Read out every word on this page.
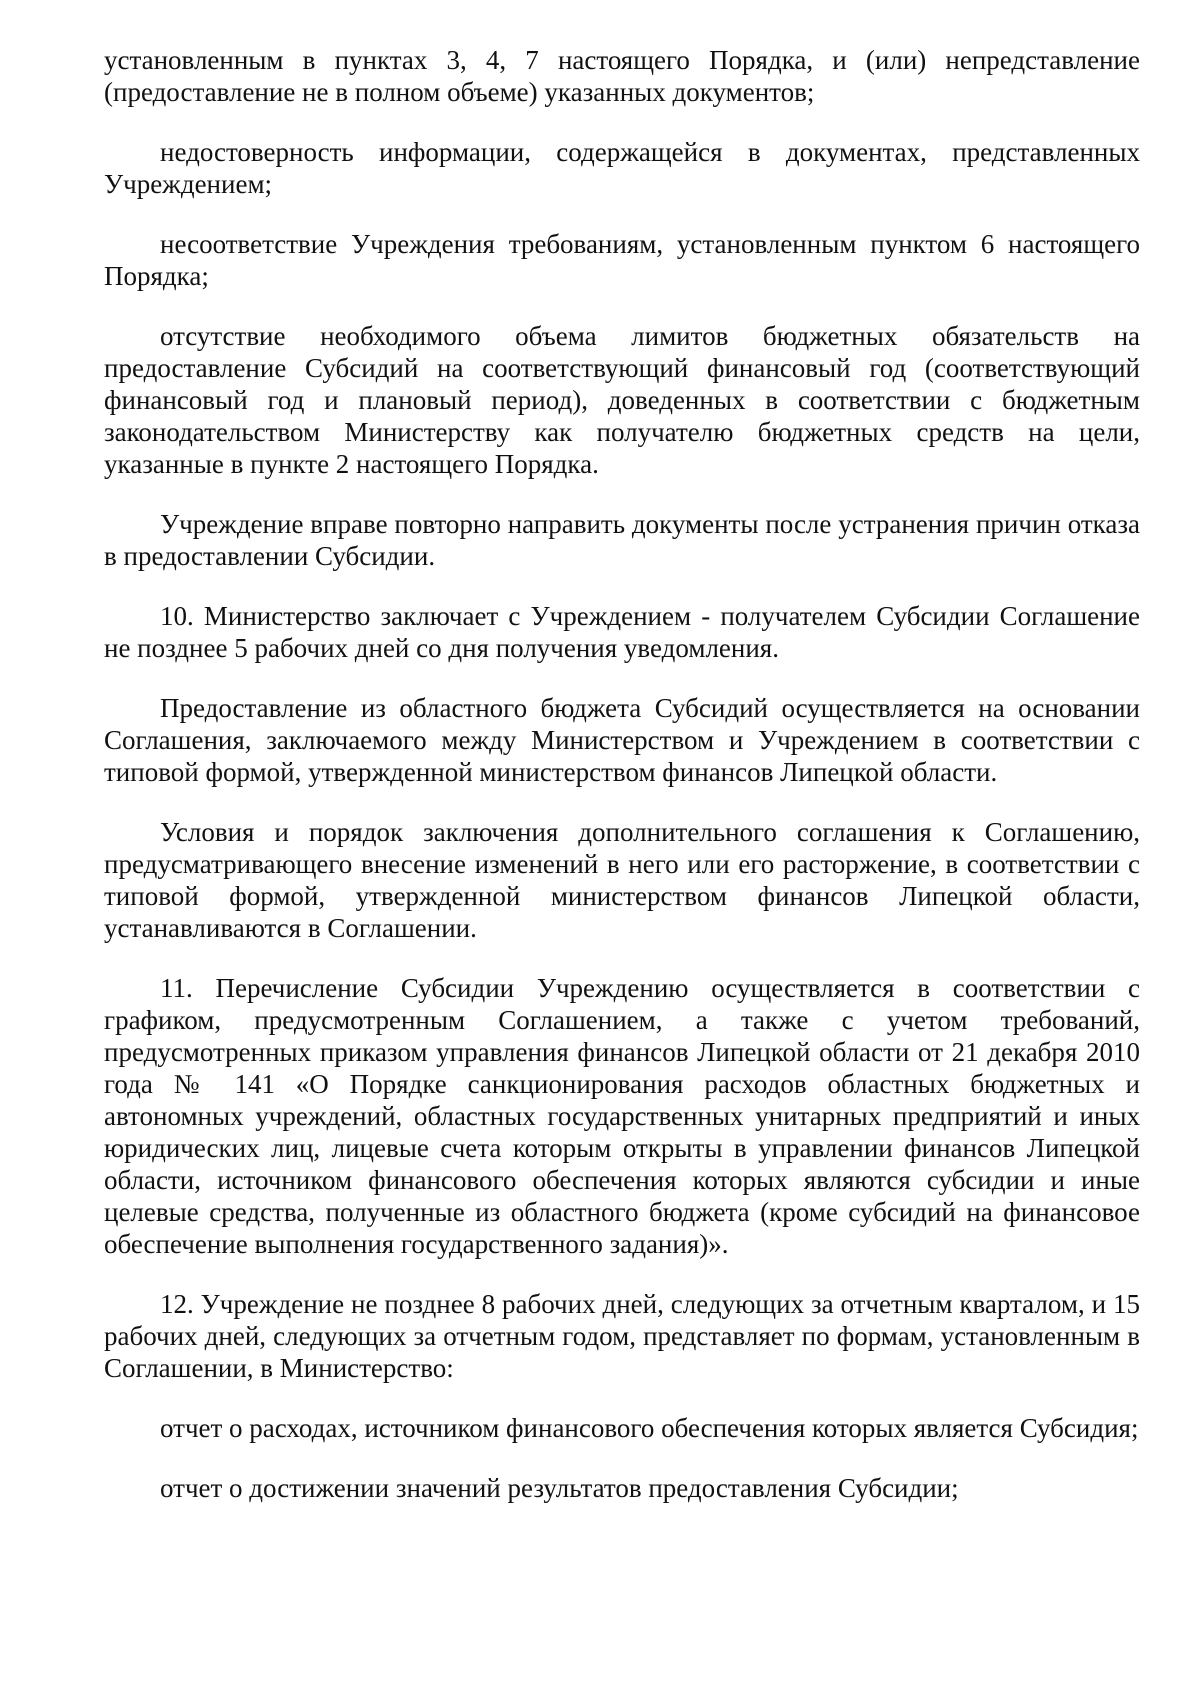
установленным в пунктах 3, 4, 7 настоящего Порядка, и (или) непредставление (предоставление не в полном объеме) указанных документов;

недостоверность информации, содержащейся в документах, представленных Учреждением;

несоответствие Учреждения требованиям, установленным пунктом 6 настоящего Порядка;

отсутствие необходимого объема лимитов бюджетных обязательств на предоставление Субсидий на соответствующий финансовый год (соответствующий финансовый год и плановый период), доведенных в соответствии с бюджетным законодательством Министерству как получателю бюджетных средств на цели, указанные в пункте 2 настоящего Порядка.

Учреждение вправе повторно направить документы после устранения причин отказа в предоставлении Субсидии.

10. Министерство заключает с Учреждением - получателем Субсидии Соглашение не позднее 5 рабочих дней со дня получения уведомления.

Предоставление из областного бюджета Субсидий осуществляется на основании Соглашения, заключаемого между Министерством и Учреждением в соответствии с типовой формой, утвержденной министерством финансов Липецкой области.

Условия и порядок заключения дополнительного соглашения к Соглашению, предусматривающего внесение изменений в него или его расторжение, в соответствии с типовой формой, утвержденной министерством финансов Липецкой области, устанавливаются в Соглашении.

11. Перечисление Субсидии Учреждению осуществляется в соответствии с графиком, предусмотренным Соглашением, а также с учетом требований, предусмотренных приказом управления финансов Липецкой области от 21 декабря 2010 года № 141 «О Порядке санкционирования расходов областных бюджетных и автономных учреждений, областных государственных унитарных предприятий и иных юридических лиц, лицевые счета которым открыты в управлении финансов Липецкой области, источником финансового обеспечения которых являются субсидии и иные целевые средства, полученные из областного бюджета (кроме субсидий на финансовое обеспечение выполнения государственного задания)».

12. Учреждение не позднее 8 рабочих дней, следующих за отчетным кварталом, и 15 рабочих дней, следующих за отчетным годом, представляет по формам, установленным в Соглашении, в Министерство:

отчет о расходах, источником финансового обеспечения которых является Субсидия;

отчет о достижении значений результатов предоставления Субсидии;
